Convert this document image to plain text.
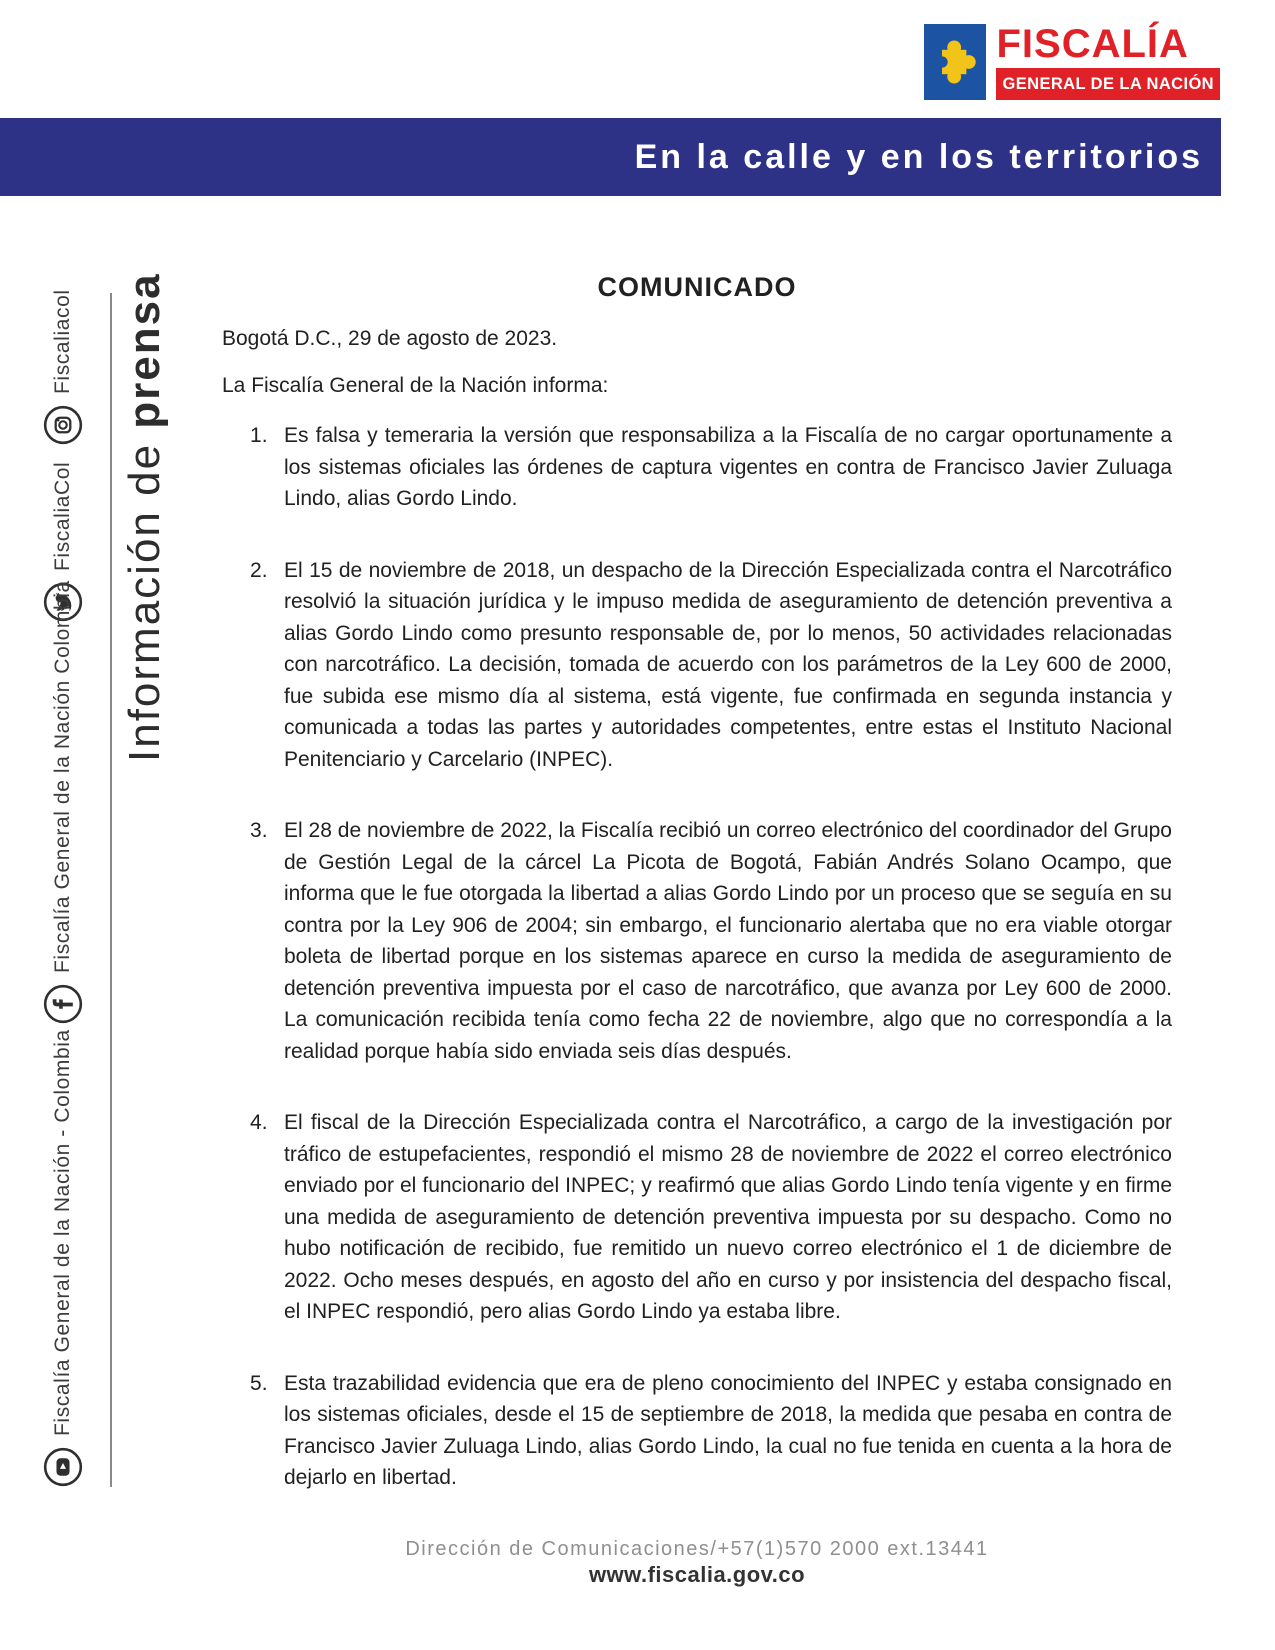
FISCALÍA
GENERAL DE LA NACIÓN
En la calle y en los territorios
Información de prensa
Fiscaliacol
FiscaliaCol
Fiscalía General de la Nación Colombia
Fiscalía General de la Nación - Colombia
COMUNICADO

Bogotá D.C., 29 de agosto de 2023.

La Fiscalía General de la Nación informa:

Es falsa y temeraria la versión que responsabiliza a la Fiscalía de no cargar oportunamente a los sistemas oficiales las órdenes de captura vigentes en contra de Francisco Javier Zuluaga Lindo, alias Gordo Lindo.
El 15 de noviembre de 2018, un despacho de la Dirección Especializada contra el Narcotráfico resolvió la situación jurídica y le impuso medida de aseguramiento de detención preventiva a alias Gordo Lindo como presunto responsable de, por lo menos, 50 actividades relacionadas con narcotráfico. La decisión, tomada de acuerdo con los parámetros de la Ley 600 de 2000, fue subida ese mismo día al sistema, está vigente, fue confirmada en segunda instancia y comunicada a todas las partes y autoridades competentes, entre estas el Instituto Nacional Penitenciario y Carcelario (INPEC).
El 28 de noviembre de 2022, la Fiscalía recibió un correo electrónico del coordinador del Grupo de Gestión Legal de la cárcel La Picota de Bogotá, Fabián Andrés Solano Ocampo, que informa que le fue otorgada la libertad a alias Gordo Lindo por un proceso que se seguía en su contra por la Ley 906 de 2004; sin embargo, el funcionario alertaba que no era viable otorgar boleta de libertad porque en los sistemas aparece en curso la medida de aseguramiento de detención preventiva impuesta por el caso de narcotráfico, que avanza por Ley 600 de 2000. La comunicación recibida tenía como fecha 22 de noviembre, algo que no correspondía a la realidad porque había sido enviada seis días después.
El fiscal de la Dirección Especializada contra el Narcotráfico, a cargo de la investigación por tráfico de estupefacientes, respondió el mismo 28 de noviembre de 2022 el correo electrónico enviado por el funcionario del INPEC; y reafirmó que alias Gordo Lindo tenía vigente y en firme una medida de aseguramiento de detención preventiva impuesta por su despacho. Como no hubo notificación de recibido, fue remitido un nuevo correo electrónico el 1 de diciembre de 2022. Ocho meses después, en agosto del año en curso y por insistencia del despacho fiscal, el INPEC respondió, pero alias Gordo Lindo ya estaba libre.
Esta trazabilidad evidencia que era de pleno conocimiento del INPEC y estaba consignado en los sistemas oficiales, desde el 15 de septiembre de 2018, la medida que pesaba en contra de Francisco Javier Zuluaga Lindo, alias Gordo Lindo, la cual no fue tenida en cuenta a la hora de dejarlo en libertad.
Dirección de Comunicaciones/+57(1)570 2000 ext.13441
www.fiscalia.gov.co
